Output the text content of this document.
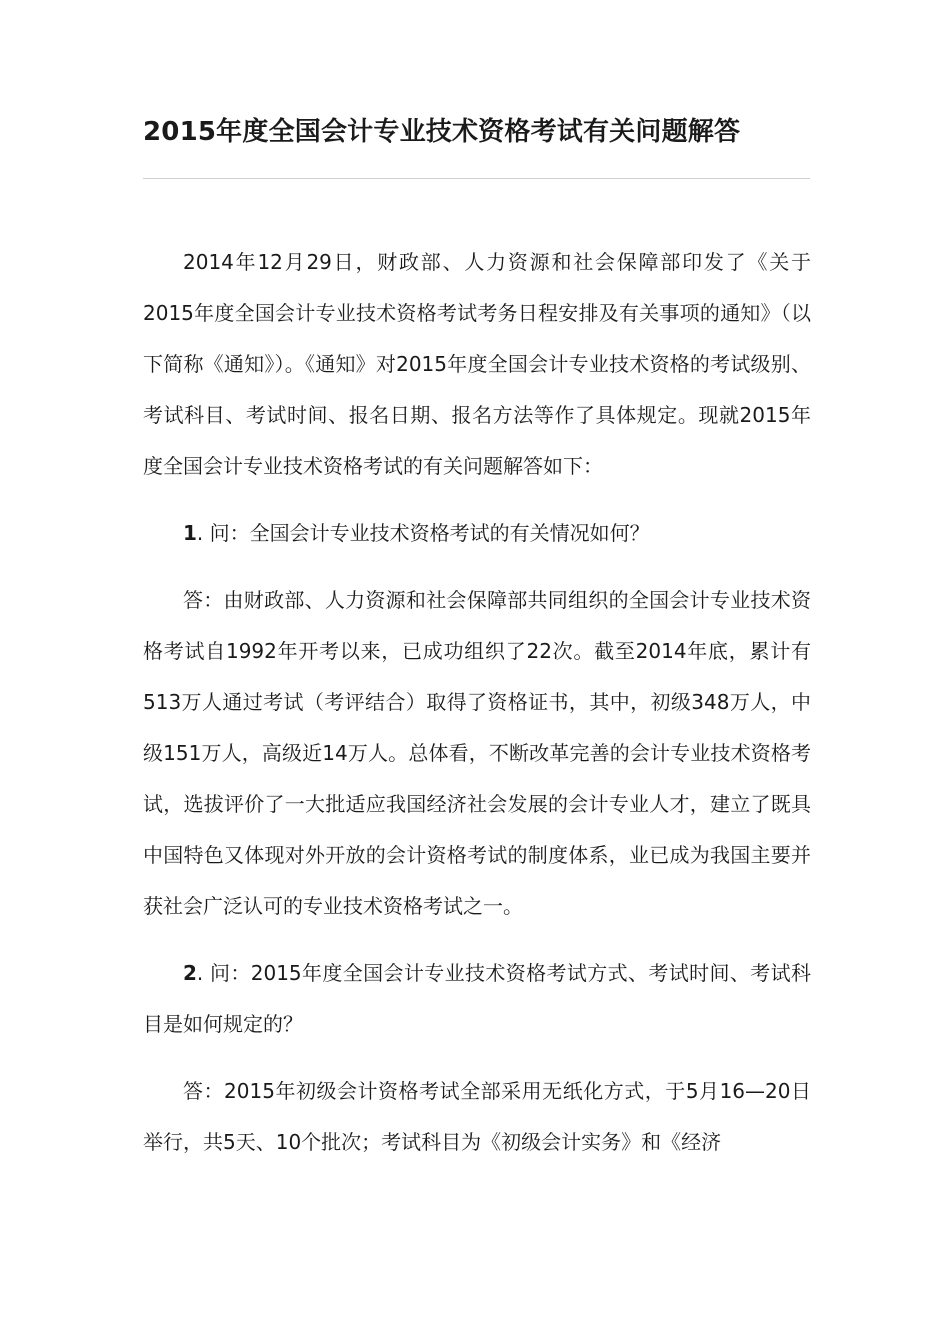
2015年度全国会计专业技术资格考试有关问题解答

2014年12月29日，财政部、人力资源和社会保障部印发了《关于2015年度全国会计专业技术资格考试考务日程安排及有关事项的通知》（以下简称《通知》）。《通知》对2015年度全国会计专业技术资格的考试级别、考试科目、考试时间、报名日期、报名方法等作了具体规定。现就2015年度全国会计专业技术资格考试的有关问题解答如下：

1. 问：全国会计专业技术资格考试的有关情况如何？

答：由财政部、人力资源和社会保障部共同组织的全国会计专业技术资格考试自1992年开考以来，已成功组织了22次。截至2014年底，累计有513万人通过考试（考评结合）取得了资格证书，其中，初级348万人，中级151万人，高级近14万人。总体看，不断改革完善的会计专业技术资格考试，选拔评价了一大批适应我国经济社会发展的会计专业人才，建立了既具中国特色又体现对外开放的会计资格考试的制度体系，业已成为我国主要并获社会广泛认可的专业技术资格考试之一。

2. 问：2015年度全国会计专业技术资格考试方式、考试时间、考试科目是如何规定的？

答：2015年初级会计资格考试全部采用无纸化方式，于5月16—20日举行，共5天、10个批次；考试科目为《初级会计实务》和《经济
